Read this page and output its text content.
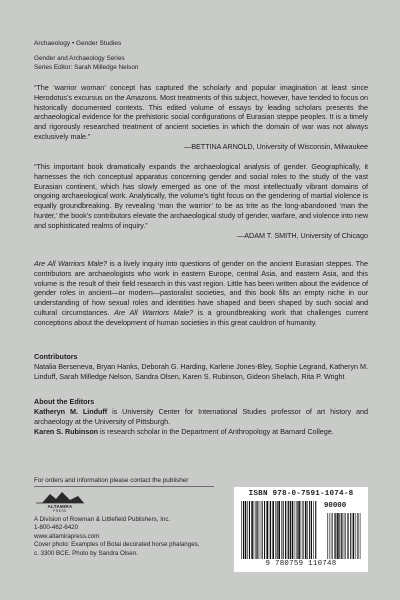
Archaeology • Gender Studies

Gender and Archaeology Series
Series Editor: Sarah Milledge Nelson
“The ‘warrior woman’ concept has captured the scholarly and popular imagination at least since Herodotus’s excursus on the Amazons. Most treatments of this subject, however, have tended to focus on historically documented contexts. This edited volume of essays by leading scholars presents the archaeological evidence for the prehistoric social configurations of Eurasian steppe peoples. It is a timely and rigorously researched treatment of ancient societies in which the domain of war was not always exclusively male.”
—BETTINA ARNOLD, University of Wisconsin, Milwaukee
“This important book dramatically expands the archaeological analysis of gender. Geographically, it harnesses the rich conceptual apparatus concerning gender and social roles to the study of the vast Eurasian continent, which has slowly emerged as one of the most intellectually vibrant domains of ongoing archaeological work. Analytically, the volume’s tight focus on the gendering of martial violence is equally groundbreaking. By revealing ‘man the warrior’ to be as trite as the long-abandoned ‘man the hunter,’ the book’s contributors elevate the archaeological study of gender, warfare, and violence into new and sophisticated realms of inquiry.”
—ADAM T. SMITH, University of Chicago
Are All Warriors Male? is a lively inquiry into questions of gender on the ancient Eurasian steppes. The contributors are archaeologists who work in eastern Europe, central Asia, and eastern Asia, and this volume is the result of their field research in this vast region. Little has been written about the evidence of gender roles in ancient—or modern—pastoralist societies, and this book fills an empty niche in our understanding of how sexual roles and identities have shaped and been shaped by such social and cultural circumstances. Are All Warriors Male? is a groundbreaking work that challenges current conceptions about the development of human societies in this great cauldron of humanity.
Contributors
Natalia Berseneva, Bryan Hanks, Deborah G. Harding, Karlene Jones-Bley, Sophie Legrand, Katheryn M. Linduff, Sarah Milledge Nelson, Sandra Olsen, Karen S. Rubinson, Gideon Shelach, Rita P. Wright
About the Editors
Katheryn M. Linduff is University Center for International Studies professor of art history and archaeology at the University of Pittsburgh.
Karen S. Rubinson is research scholar in the Department of Anthropology at Barnard College.
For orders and information please contact the publisher
ALTAMIRA
PRESS
A Division of Rowman & Littlefield Publishers, Inc.
1-800-462-6420
www.altamirapress.com
Cover photo: Examples of Botai decorated horse phalanges,
c. 3300 BCE. Photo by Sandra Olsen.
ISBN 978-0-7591-1074-8
90000
9 780759 110748
